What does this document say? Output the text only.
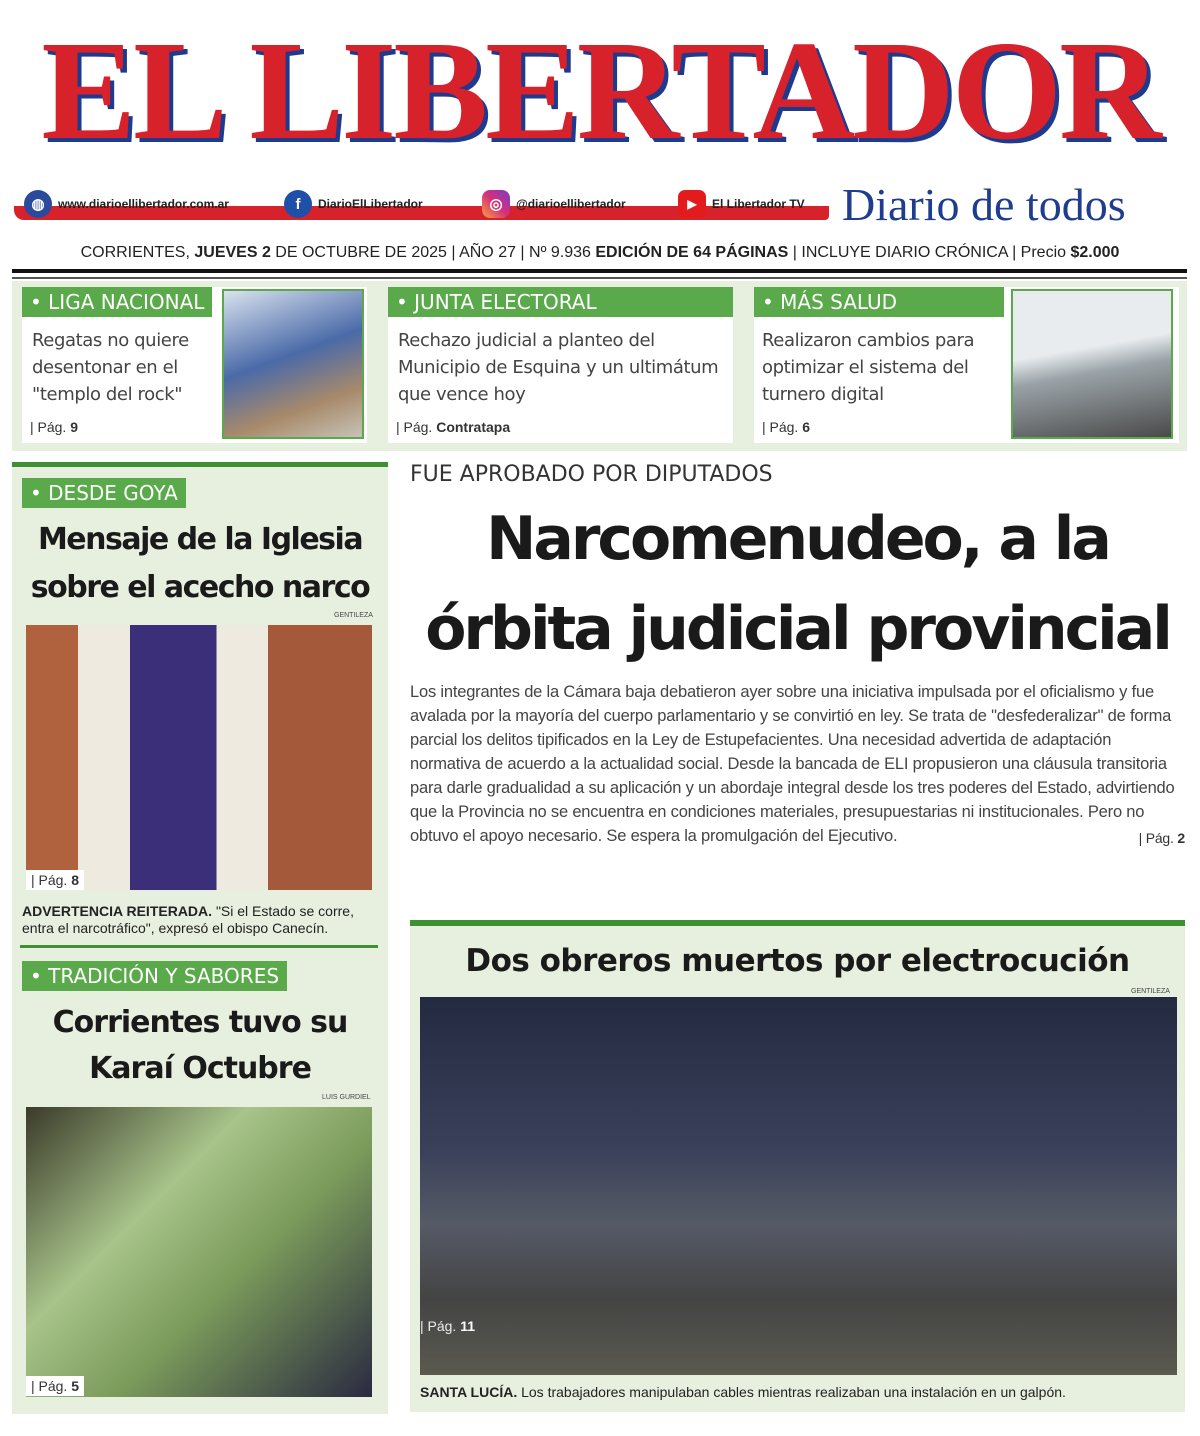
EL LIBERTADOR
◍	www.diarioellibertador.com.ar	f	DiarioElLibertador	◎	@diarioellibertador	▶	El Libertador TV Diario de todos
CORRIENTES, JUEVES 2 DE OCTUBRE DE 2025 | AÑO 27 | Nº 9.936 EDICIÓN DE 64 PÁGINAS | INCLUYE DIARIO CRÓNICA | Precio $2.000
• LIGA NACIONAL
Regatas no quiere desentonar en el "templo del rock"
| Pág. 9
• JUNTA ELECTORAL
Rechazo judicial a planteo del Municipio de Esquina y un ultimátum que vence hoy
| Pág. Contratapa
• MÁS SALUD
Realizaron cambios para optimizar el sistema del turnero digital
| Pág. 6
• DESDE GOYA
Mensaje de la Iglesia sobre el acecho narco
GENTILEZA
| Pág. 8
ADVERTENCIA REITERADA. "Si el Estado se corre, entra el narcotráfico", expresó el obispo Canecín.
• TRADICIÓN Y SABORES
Corrientes tuvo su Karaí Octubre
LUIS GURDIEL
| Pág. 5
FUE APROBADO POR DIPUTADOS
Narcomenudeo, a la órbita judicial provincial
Los integrantes de la Cámara baja debatieron ayer sobre una iniciativa impulsada por el oficialismo y fue avalada por la mayoría del cuerpo parlamentario y se convirtió en ley. Se trata de "desfederalizar" de forma parcial los delitos tipificados en la Ley de Estupefacientes. Una necesidad advertida de adaptación normativa de acuerdo a la actualidad social. Desde la bancada de ELI propusieron una cláusula transitoria para darle gradualidad a su aplicación y un abordaje integral desde los tres poderes del Estado, advirtiendo que la Provincia no se encuentra en condiciones materiales, presupuestarias ni institucionales. Pero no obtuvo el apoyo necesario. Se espera la promulgación del Ejecutivo.	| Pág. 2
Dos obreros muertos por electrocución
GENTILEZA
| Pág. 11
SANTA LUCÍA. Los trabajadores manipulaban cables mientras realizaban una instalación en un galpón.
